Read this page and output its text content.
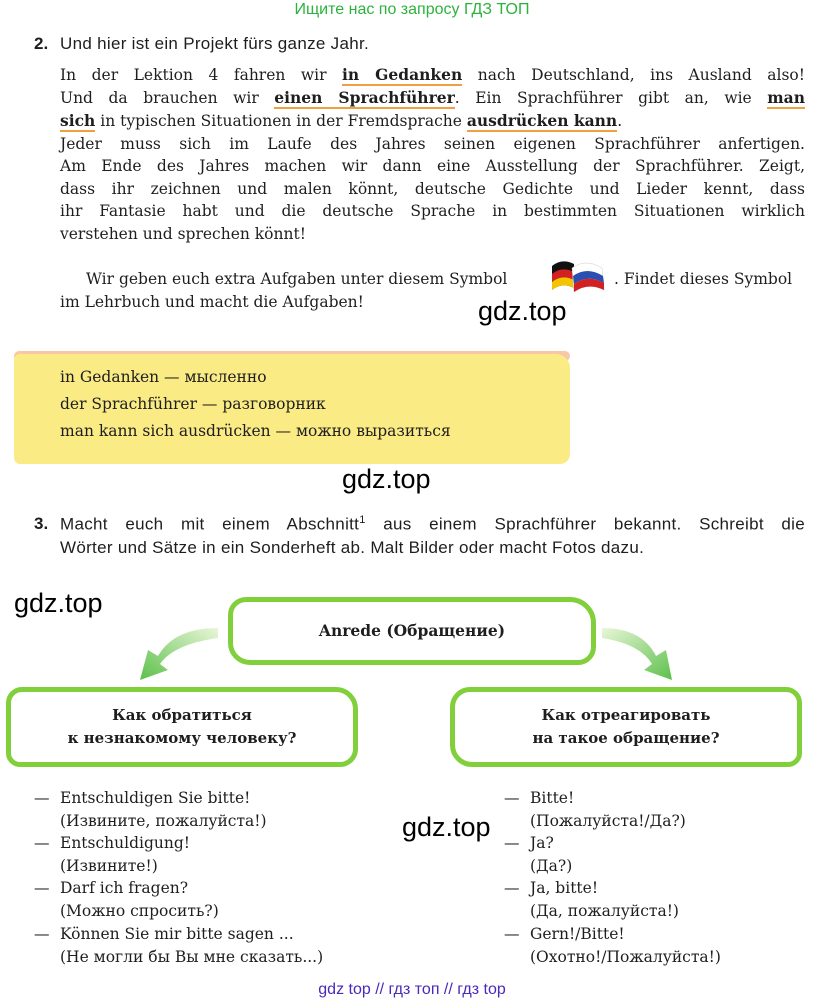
Ищите нас по запросу ГДЗ ТОП
2. Und hier ist ein Projekt fürs ganze Jahr.
In der Lektion 4 fahren wir in Gedanken nach Deutschland, ins Ausland also!
Und da brauchen wir einen Sprachführer. Ein Sprachführer gibt an, wie man
sich in typischen Situationen in der Fremdsprache ausdrücken kann.
Jeder muss sich im Laufe des Jahres seinen eigenen Sprachführer anfertigen.
Am Ende des Jahres machen wir dann eine Ausstellung der Sprachführer. Zeigt,
dass ihr zeichnen und malen könnt, deutsche Gedichte und Lieder kennt, dass
ihr Fantasie habt und die deutsche Sprache in bestimmten Situationen wirklich
verstehen und sprechen könnt!
Wir geben euch extra Aufgaben unter diesem Symbol	. Findet dieses Symbol
im Lehrbuch und macht die Aufgaben!	gdz.top
in Gedanken — мысленно
der Sprachführer — разговорник
man kann sich ausdrücken — можно выразиться
gdz.top
3. Macht euch mit einem Abschnitt$^1$ aus einem Sprachführer bekannt. Schreibt die
Wörter und Sätze in ein Sonderheft ab. Malt Bilder oder macht Fotos dazu.
gdz.top
Anrede (Обращение)
Как обратиться
к незнакомому человеку?
Как отреагировать
на такое обращение?
— Entschuldigen Sie bitte!
(Извините, пожалуйста!)
— Entschuldigung!
(Извините!)
— Darf ich fragen?
(Можно спросить?)
— Können Sie mir bitte sagen ...
(Не могли бы Вы мне сказать...)
gdz.top
— Bitte!
(Пожалуйста!/Да?)
— Ja?
(Да?)
— Ja, bitte!
(Да, пожалуйста!)
— Gern!/Bitte!
(Охотно!/Пожалуйста!)
gdz top // гдз топ // гдз top
